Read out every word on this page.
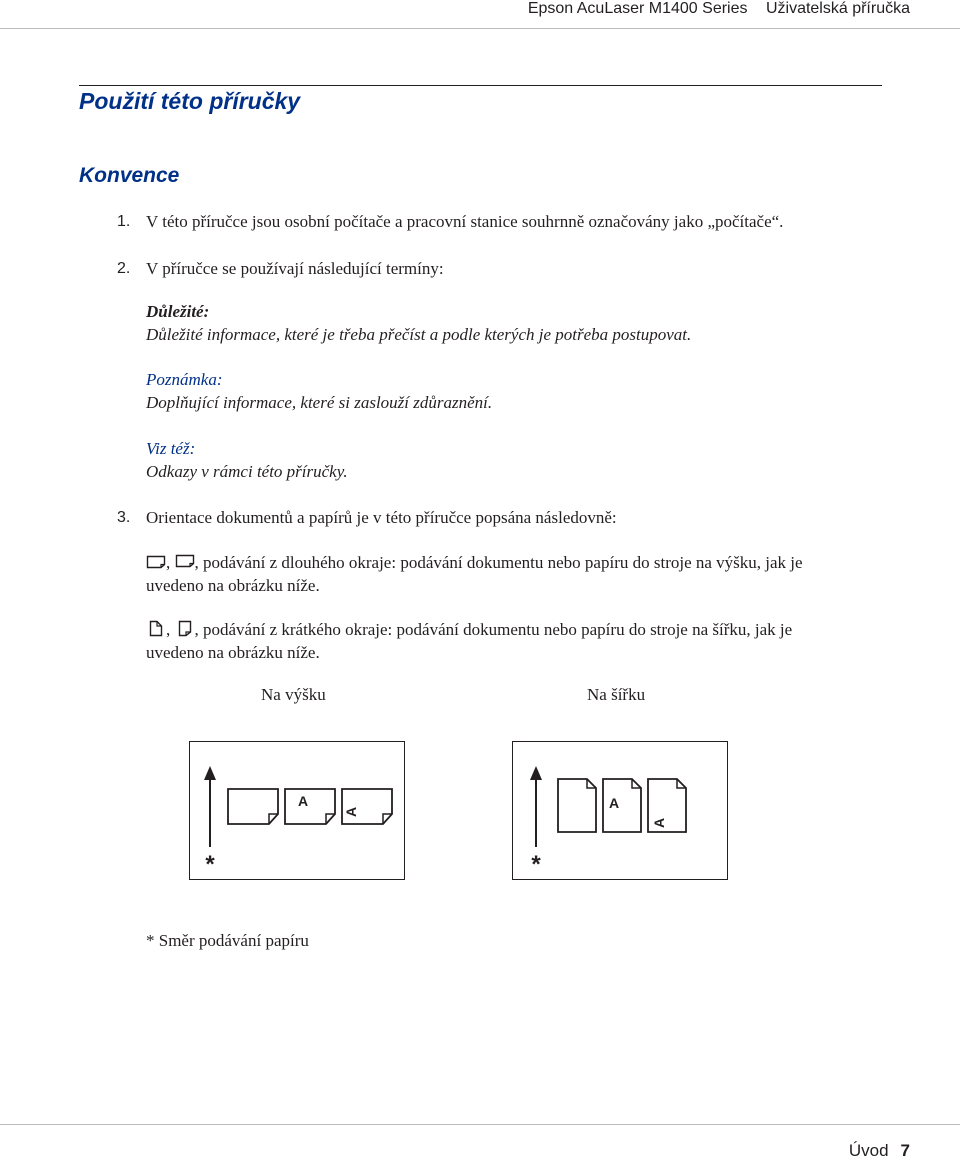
Epson AcuLaser M1400 Series Uživatelská příručka
Použití této příručky
Konvence
1. V této příručce jsou osobní počítače a pracovní stanice souhrnně označovány jako „počítače“.
2. V příručce se používají následující termíny:
Důležité:
Důležité informace, které je třeba přečíst a podle kterých je potřeba postupovat.
Poznámka:
Doplňující informace, které si zaslouží zdůraznění.
Viz též:
Odkazy v rámci této příručky.
3. Orientace dokumentů a papírů je v této příručce popsána následovně:
, , podávání z dlouhého okraje: podávání dokumentu nebo papíru do stroje na výšku, jak je
uvedeno na obrázku níže.
, , podávání z krátkého okraje: podávání dokumentu nebo papíru do stroje na šířku, jak je
uvedeno na obrázku níže.
Na výšku	Na šířku
*
A
A
*
A
A
* Směr podávání papíru
Úvod 7
